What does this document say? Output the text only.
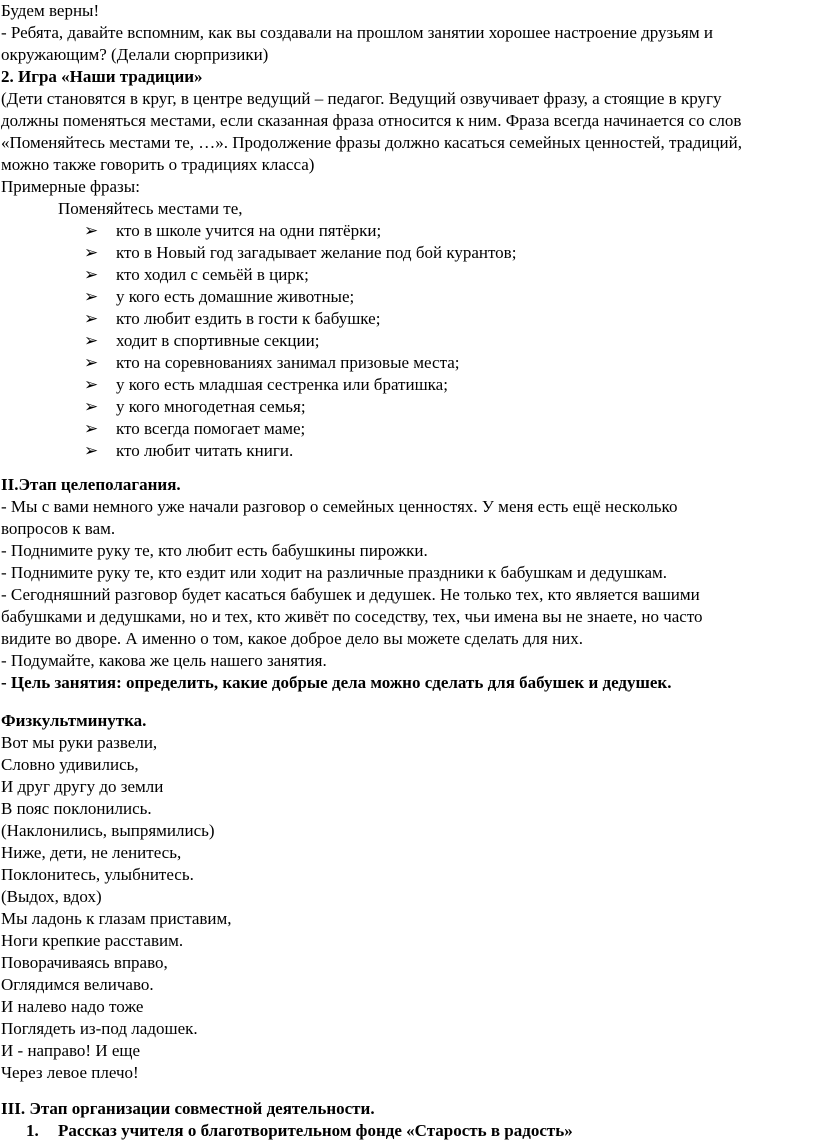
Будем верны!
- Ребята, давайте вспомним, как вы создавали на прошлом занятии хорошее настроение друзьям и
окружающим? (Делали сюрпризики)
2. Игра «Наши традиции»
(Дети становятся в круг, в центре ведущий – педагог. Ведущий озвучивает фразу, а стоящие в кругу
должны поменяться местами, если сказанная фраза относится к ним. Фраза всегда начинается со слов
«Поменяйтесь местами те, …». Продолжение фразы должно касаться семейных ценностей, традиций,
можно также говорить о традициях класса)
Примерные фразы:
Поменяйтесь местами те,
➢ кто в школе учится на одни пятёрки;
➢ кто в Новый год загадывает желание под бой курантов;
➢ кто ходил с семьёй в цирк;
➢ у кого есть домашние животные;
➢ кто любит ездить в гости к бабушке;
➢ ходит в спортивные секции;
➢ кто на соревнованиях занимал призовые места;
➢ у кого есть младшая сестренка или братишка;
➢ у кого многодетная семья;
➢ кто всегда помогает маме;
➢ кто любит читать книги.
II.Этап целеполагания.
- Мы с вами немного уже начали разговор о семейных ценностях. У меня есть ещё несколько
вопросов к вам.
- Поднимите руку те, кто любит есть бабушкины пирожки.
- Поднимите руку те, кто ездит или ходит на различные праздники к бабушкам и дедушкам.
- Сегодняшний разговор будет касаться бабушек и дедушек. Не только тех, кто является вашими
бабушками и дедушками, но и тех, кто живёт по соседству, тех, чьи имена вы не знаете, но часто
видите во дворе. А именно о том, какое доброе дело вы можете сделать для них.
- Подумайте, какова же цель нашего занятия.
- Цель занятия: определить, какие добрые дела можно сделать для бабушек и дедушек.
Физкультминутка.
Вот мы руки развели,
Словно удивились,
И друг другу до земли
В пояс поклонились.
(Наклонились, выпрямились)
Ниже, дети, не ленитесь,
Поклонитесь, улыбнитесь.
(Выдох, вдох)
Мы ладонь к глазам приставим,
Ноги крепкие расставим.
Поворачиваясь вправо,
Оглядимся величаво.
И налево надо тоже
Поглядеть из-под ладошек.
И - направо! И еще
Через левое плечо!
III. Этап организации совместной деятельности.
1. Рассказ учителя о благотворительном фонде «Старость в радость»
